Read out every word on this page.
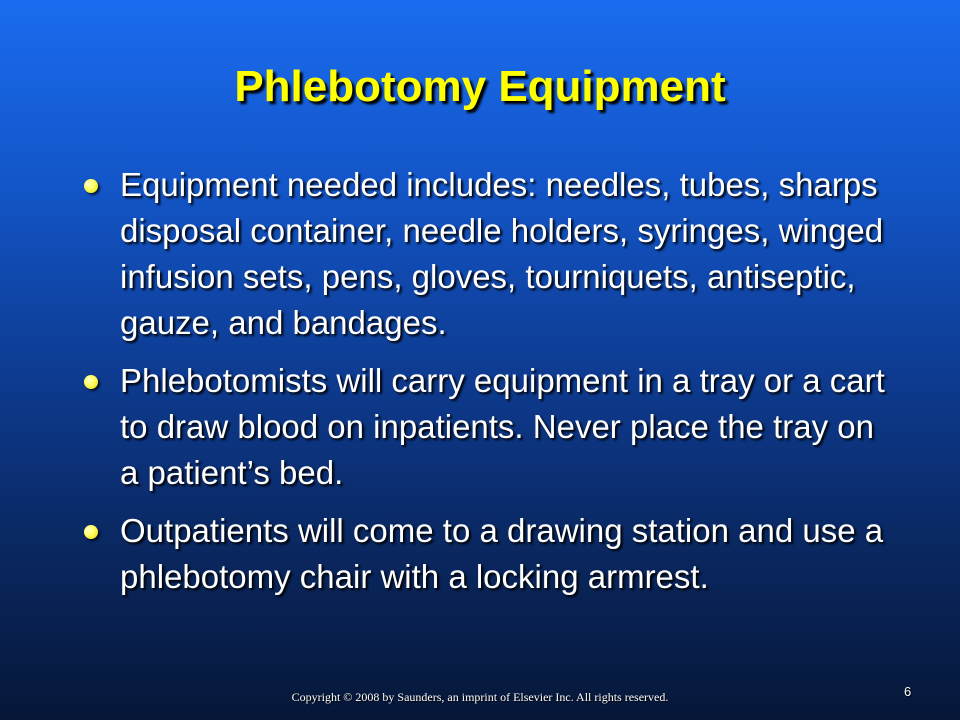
Phlebotomy Equipment
Equipment needed includes: needles, tubes, sharps disposal container, needle holders, syringes, winged infusion sets, pens, gloves, tourniquets, antiseptic, gauze, and bandages.
Phlebotomists will carry equipment in a tray or a cart to draw blood on inpatients. Never place the tray on a patient’s bed.
Outpatients will come to a drawing station and use a phlebotomy chair with a locking armrest.
Copyright © 2008 by Saunders, an imprint of Elsevier Inc. All rights reserved.	6
